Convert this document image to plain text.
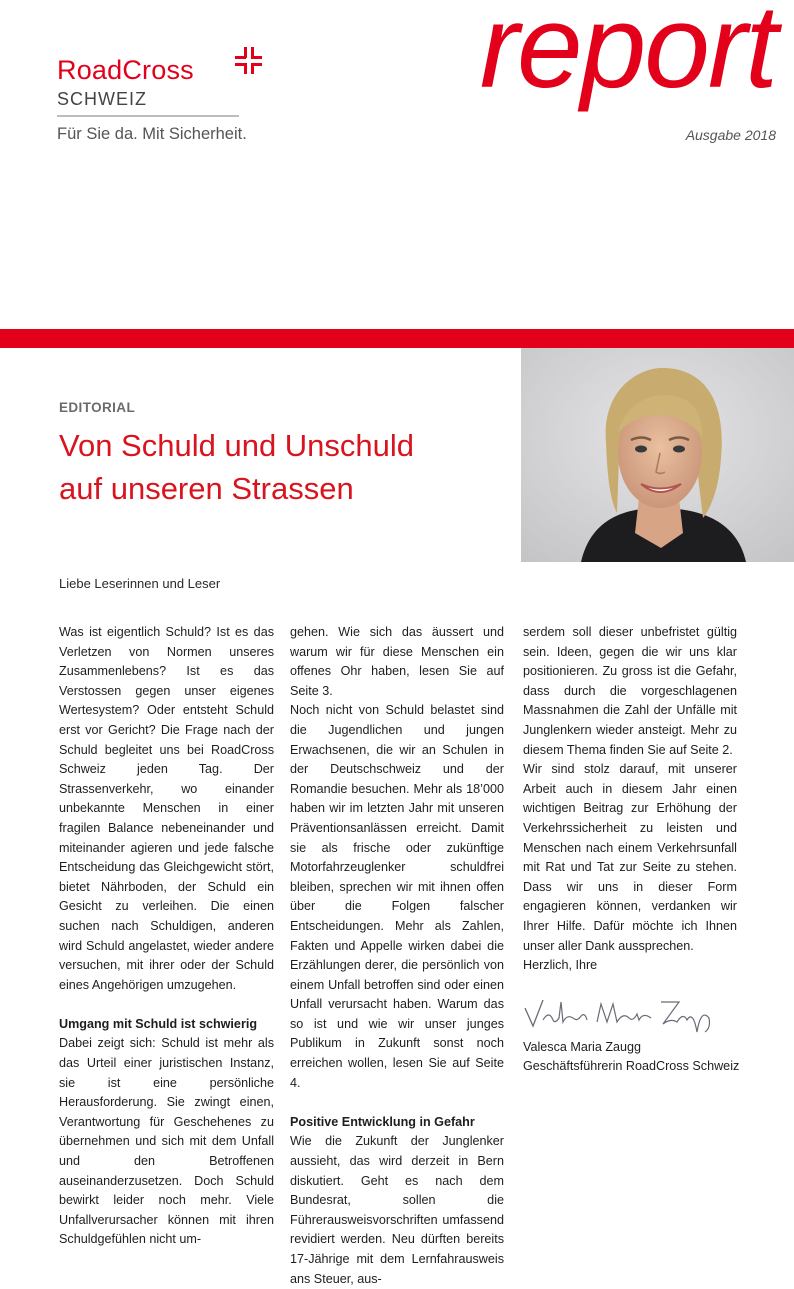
RoadCross
SCHWEIZ
Für Sie da. Mit Sicherheit.
report
Ausgabe 2018
EDITORIAL
Von Schuld und Unschuld
auf unseren Strassen
Liebe Leserinnen und Leser

Was ist eigentlich Schuld? Ist es das Verletzen von Normen unseres Zusammenlebens? Ist es das Verstossen gegen unser eigenes Wertesystem? Oder entsteht Schuld erst vor Gericht? Die Frage nach der Schuld begleitet uns bei RoadCross Schweiz jeden Tag. Der Strassenverkehr, wo einander unbekannte Menschen in einer fragilen Balance nebeneinander und miteinander agieren und jede falsche Entscheidung das Gleichgewicht stört, bietet Nährboden, der Schuld ein Gesicht zu verleihen. Die einen suchen nach Schuldigen, anderen wird Schuld angelastet, wieder andere versuchen, mit ihrer oder der Schuld eines Angehörigen umzugehen.

Umgang mit Schuld ist schwierig

Dabei zeigt sich: Schuld ist mehr als das Urteil einer juristischen Instanz, sie ist eine persönliche Herausforderung. Sie zwingt einen, Verantwortung für Geschehenes zu übernehmen und sich mit dem Unfall und den Betroffenen auseinanderzusetzen. Doch Schuld bewirkt leider noch mehr. Viele Unfallverursacher können mit ihren Schuldgefühlen nicht um-

gehen. Wie sich das äussert und warum wir für diese Menschen ein offenes Ohr haben, lesen Sie auf Seite 3.

Noch nicht von Schuld belastet sind die Jugendlichen und jungen Erwachsenen, die wir an Schulen in der Deutschschweiz und der Romandie besuchen. Mehr als 18’000 haben wir im letzten Jahr mit unseren Präventionsanlässen erreicht. Damit sie als frische oder zukünftige Motorfahrzeuglenker schuldfrei bleiben, sprechen wir mit ihnen offen über die Folgen falscher Entscheidungen. Mehr als Zahlen, Fakten und Appelle wirken dabei die Erzählungen derer, die persönlich von einem Unfall betroffen sind oder einen Unfall verursacht haben. Warum das so ist und wie wir unser junges Publikum in Zukunft sonst noch erreichen wollen, lesen Sie auf Seite 4.

Positive Entwicklung in Gefahr

Wie die Zukunft der Junglenker aussieht, das wird derzeit in Bern diskutiert. Geht es nach dem Bundesrat, sollen die Führerausweisvorschriften umfassend revidiert werden. Neu dürften bereits 17-Jährige mit dem Lernfahrausweis ans Steuer, aus-

serdem soll dieser unbefristet gültig sein. Ideen, gegen die wir uns klar positionieren. Zu gross ist die Gefahr, dass durch die vorgeschlagenen Massnahmen die Zahl der Unfälle mit Junglenkern wieder ansteigt. Mehr zu diesem Thema finden Sie auf Seite 2.

Wir sind stolz darauf, mit unserer Arbeit auch in diesem Jahr einen wichtigen Beitrag zur Erhöhung der Verkehrssicherheit zu leisten und Menschen nach einem Verkehrsunfall mit Rat und Tat zur Seite zu stehen. Dass wir uns in dieser Form engagieren können, verdanken wir Ihrer Hilfe. Dafür möchte ich Ihnen unser aller Dank aussprechen.

Herzlich, Ihre
Valesca Maria Zaugg
Geschäftsführerin RoadCross Schweiz
